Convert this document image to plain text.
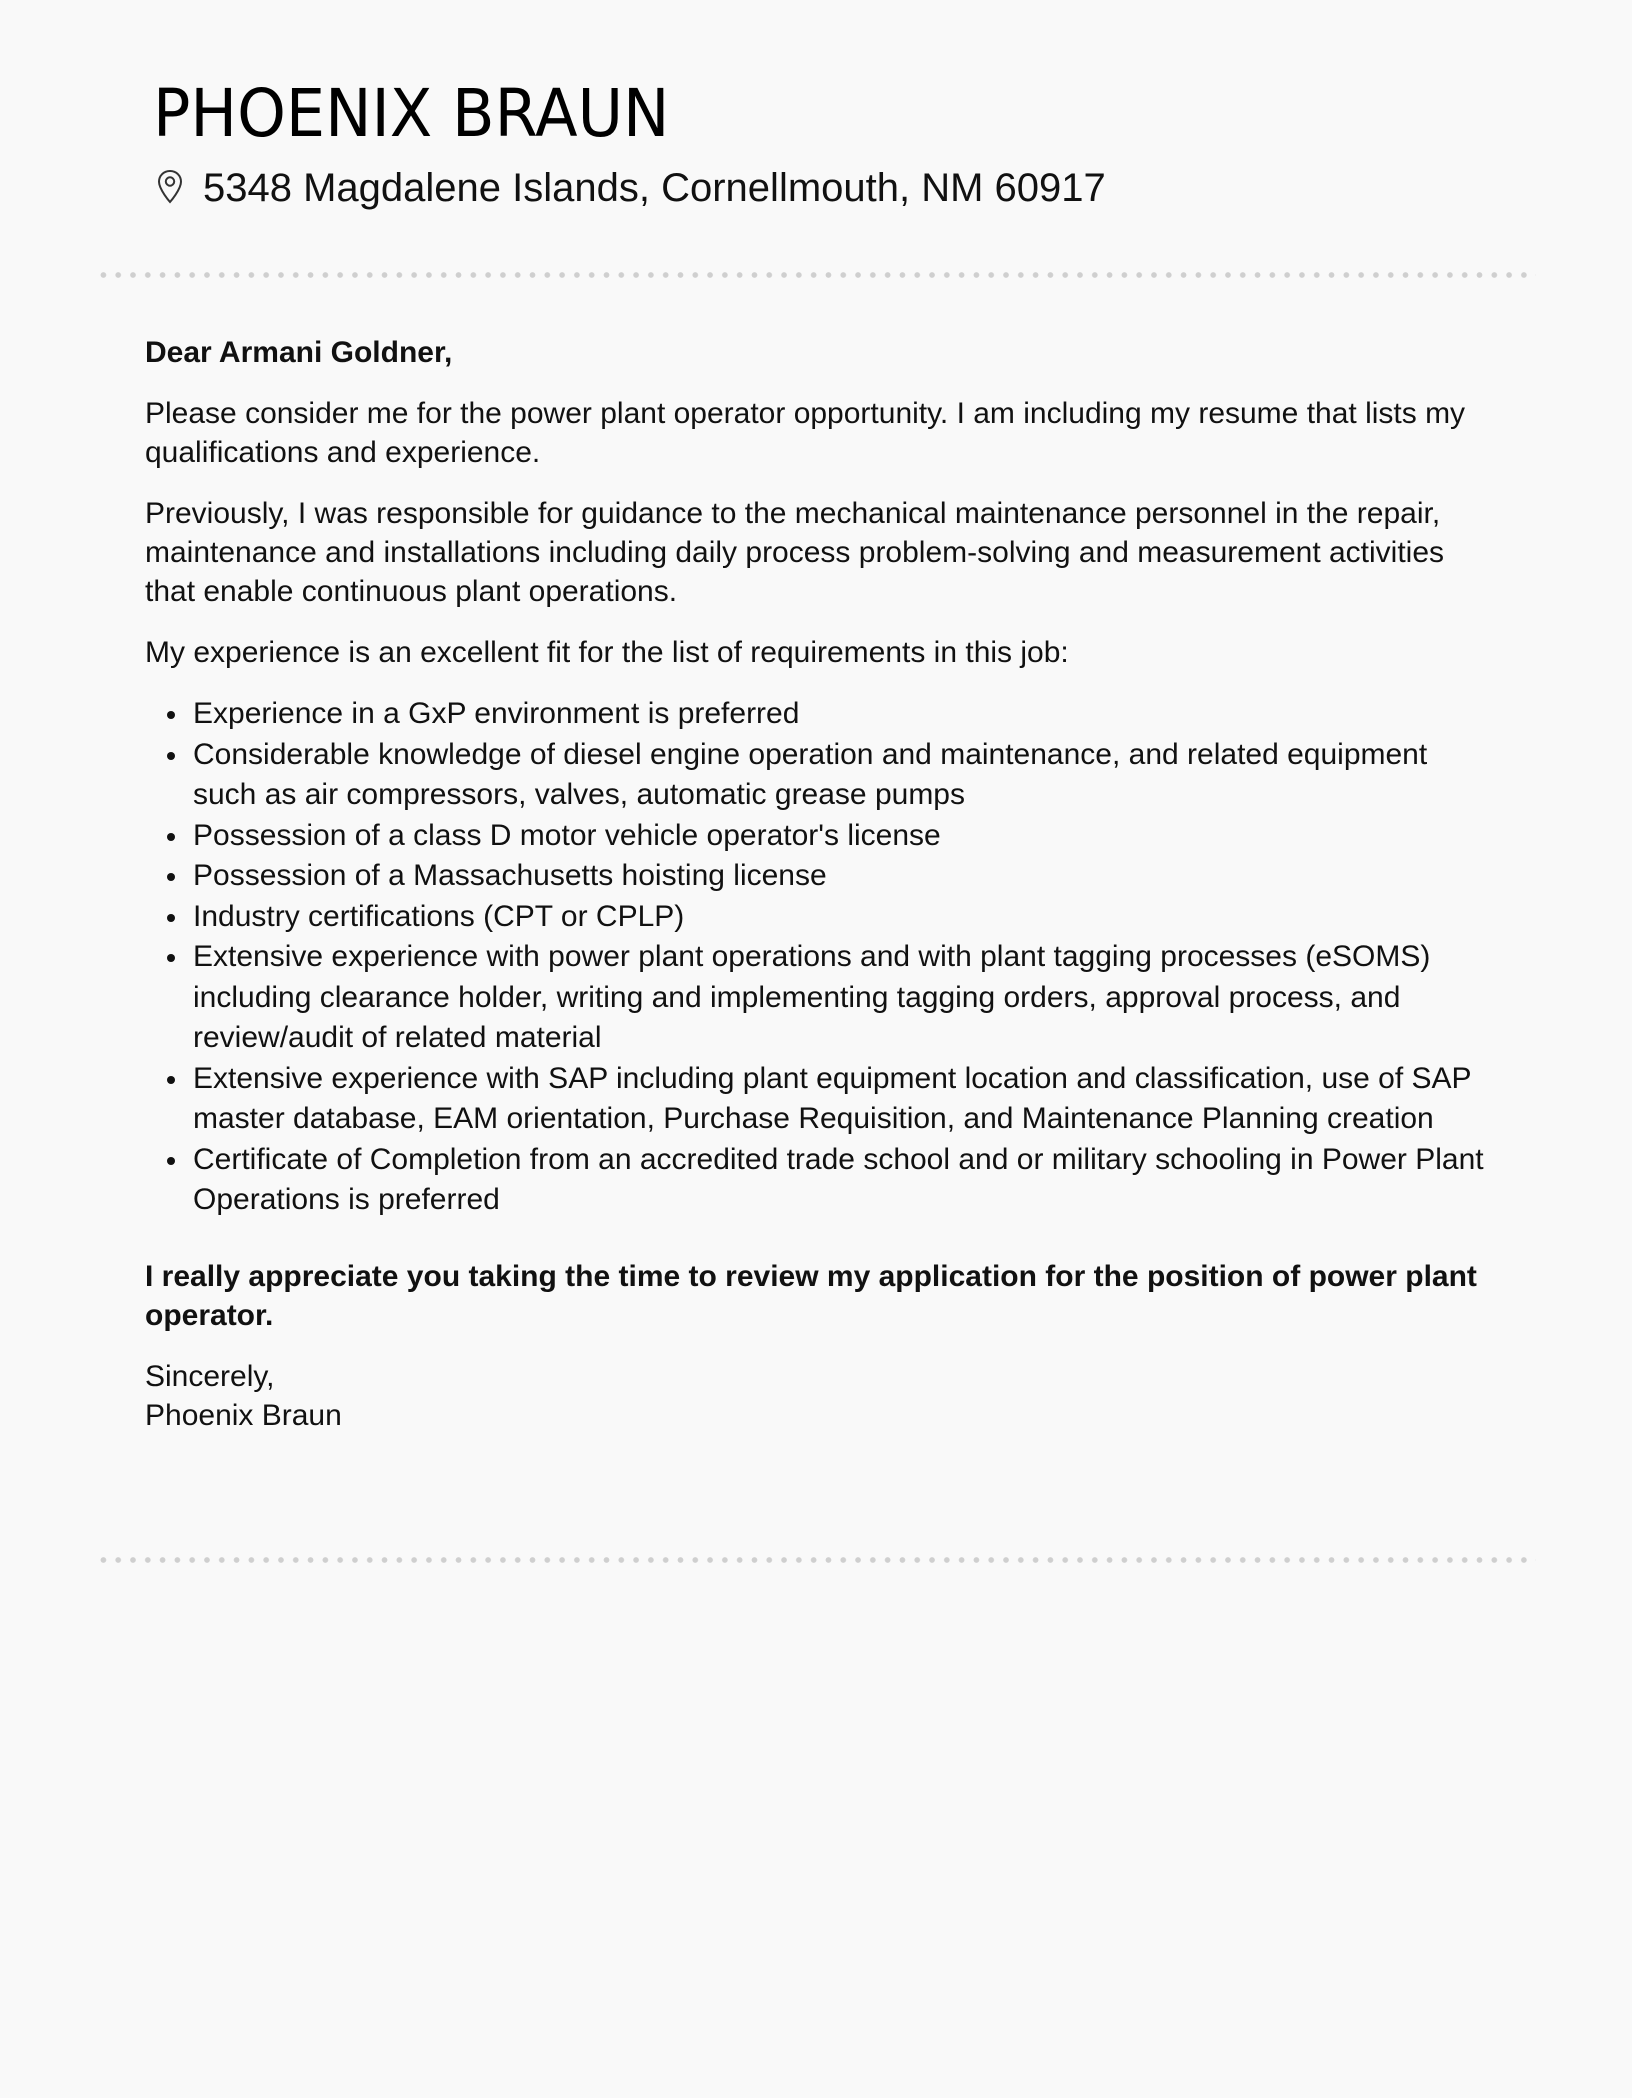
PHOENIX BRAUN
5348 Magdalene Islands, Cornellmouth, NM 60917

Dear Armani Goldner,

Please consider me for the power plant operator opportunity. I am including my resume that lists my qualifications and experience.

Previously, I was responsible for guidance to the mechanical maintenance personnel in the repair, maintenance and installations including daily process problem-solving and measurement activities that enable continuous plant operations.

My experience is an excellent fit for the list of requirements in this job:

Experience in a GxP environment is preferred
Considerable knowledge of diesel engine operation and maintenance, and related equipment such as air compressors, valves, automatic grease pumps
Possession of a class D motor vehicle operator's license
Possession of a Massachusetts hoisting license
Industry certifications (CPT or CPLP)
Extensive experience with power plant operations and with plant tagging processes (eSOMS) including clearance holder, writing and implementing tagging orders, approval process, and review/audit of related material
Extensive experience with SAP including plant equipment location and classification, use of SAP master database, EAM orientation, Purchase Requisition, and Maintenance Planning creation
Certificate of Completion from an accredited trade school and or military schooling in Power Plant Operations is preferred

I really appreciate you taking the time to review my application for the position of power plant operator.

Sincerely,
Phoenix Braun
